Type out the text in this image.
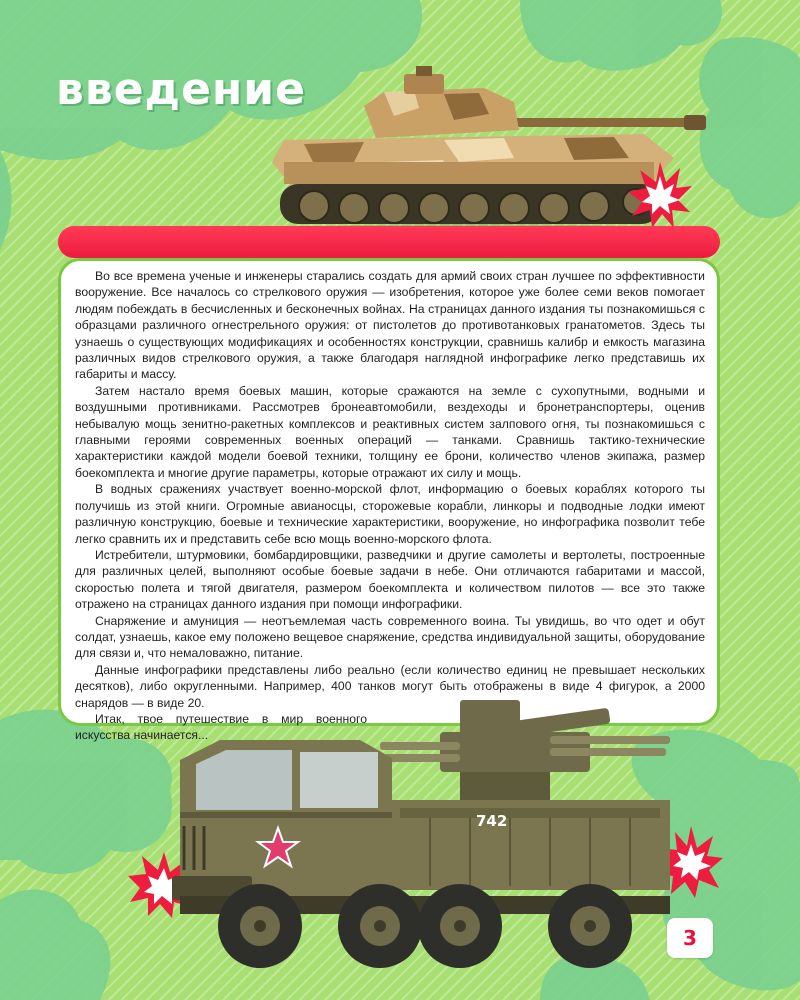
введение

Во все времена ученые и инженеры старались создать для армий своих стран лучшее по эффективности вооружение. Все началось со стрелкового оружия — изобретения, которое уже более семи веков помогает людям побеждать в бесчисленных и бесконечных войнах. На страницах данного издания ты познакомишься с образцами различного огнестрельного оружия: от пистолетов до противотанковых гранатометов. Здесь ты узнаешь о существующих модификациях и особенностях конструкции, сравнишь калибр и емкость магазина различных видов стрелкового оружия, а также благодаря наглядной инфографике легко представишь их габариты и массу.

Затем настало время боевых машин, которые сражаются на земле с сухопутными, водными и воздушными противниками. Рассмотрев бронеавтомобили, вездеходы и бронетранспортеры, оценив небывалую мощь зенитно-ракетных комплексов и реактивных систем залпового огня, ты познакомишься с главными героями современных военных операций — танками. Сравнишь тактико-технические характеристики каждой модели боевой техники, толщину ее брони, количество членов экипажа, размер боекомплекта и многие другие параметры, которые отражают их силу и мощь.

В водных сражениях участвует военно-морской флот, информацию о боевых кораблях которого ты получишь из этой книги. Огромные авианосцы, сторожевые корабли, линкоры и подводные лодки имеют различную конструкцию, боевые и технические характеристики, вооружение, но инфографика позволит тебе легко сравнить их и представить себе всю мощь военно-морского флота.

Истребители, штурмовики, бомбардировщики, разведчики и другие самолеты и вертолеты, построенные для различных целей, выполняют особые боевые задачи в небе. Они отличаются габаритами и массой, скоростью полета и тягой двигателя, размером боекомплекта и количеством пилотов — все это также отражено на страницах данного издания при помощи инфографики.

Снаряжение и амуниция — неотъемлемая часть современного воина. Ты увидишь, во что одет и обут солдат, узнаешь, какое ему положено вещевое снаряжение, средства индивидуальной защиты, оборудование для связи и, что немаловажно, питание.

Данные инфографики представлены либо реально (если количество единиц не превышает нескольких десятков), либо округленными. Например, 400 танков могут быть отображены в виде 4 фигурок, а 2000 снарядов — в виде 20.

Итак, твое путешествие в мир военного искусства начинается...

742
3
